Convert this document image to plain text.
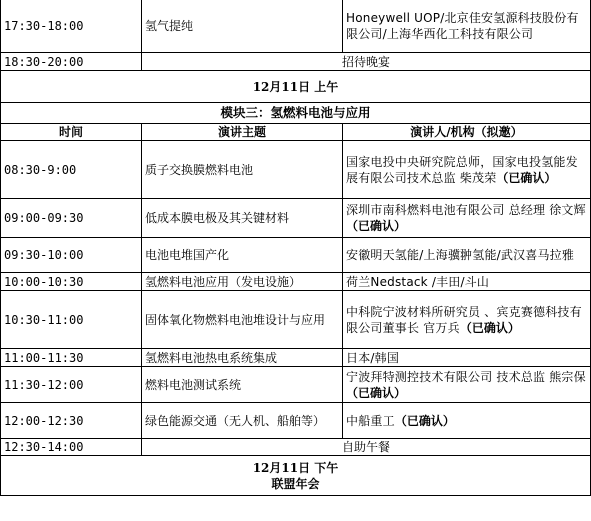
17:30-18:00	氢气提纯	Honeywell UOP/北京佳安氢源科技股份有限公司/上海华西化工科技有限公司
18:30-20:00	招待晚宴	
12月11日 上午		
模块三：氢燃料电池与应用		
时间	演讲主题	演讲人/机构（拟邀）
08:30-9:00	质子交换膜燃料电池	国家电投中央研究院总师，国家电投氢能发展有限公司技术总监 柴茂荣（已确认）
09:00-09:30	低成本膜电极及其关键材料	深圳市南科燃料电池有限公司 总经理 徐文辉（已确认）
09:30-10:00	电池电堆国产化	安徽明天氢能/上海骥翀氢能/武汉喜马拉雅
10:00-10:30	氢燃料电池应用（发电设施）	荷兰Nedstack /丰田/斗山
10:30-11:00	固体氧化物燃料电池堆设计与应用	中科院宁波材料所研究员 、宾克赛德科技有限公司董事长 官万兵（已确认）
11:00-11:30	氢燃料电池热电系统集成	日本/韩国
11:30-12:00	燃料电池测试系统	宁波拜特测控技术有限公司 技术总监 熊宗保（已确认）
12:00-12:30	绿色能源交通（无人机、船舶等）	中船重工（已确认）
12:30-14:00	自助午餐	

12月11日 下午
联盟年会		
